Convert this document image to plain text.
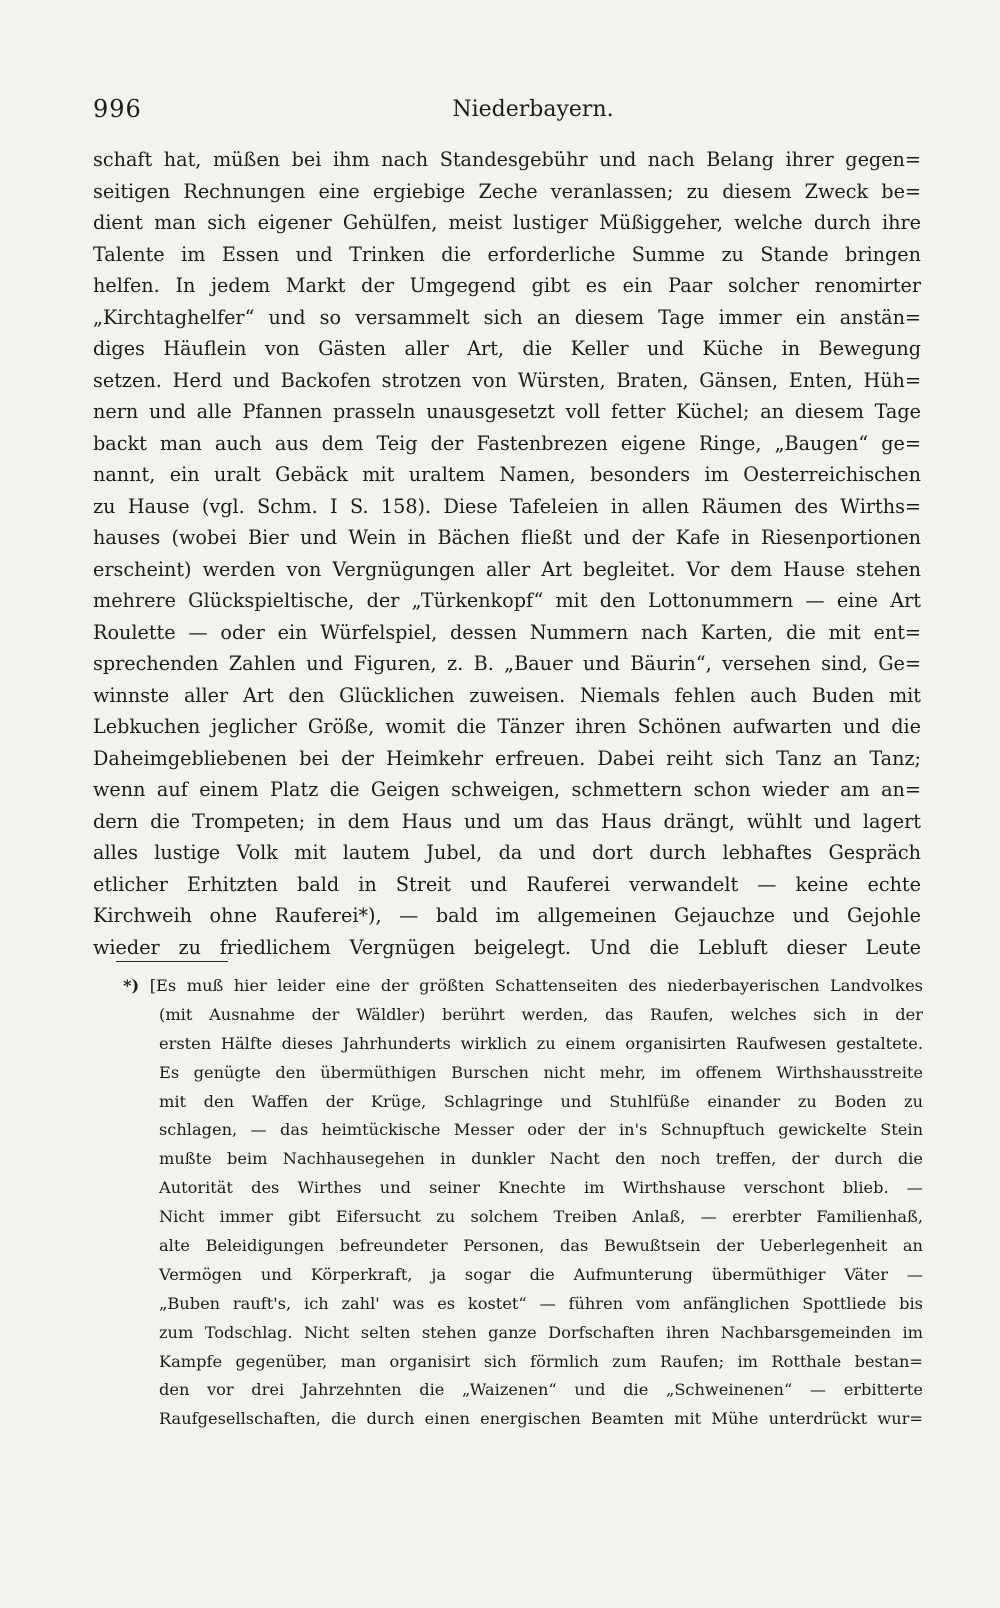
996	Niederbayern.
schaft hat, müßen bei ihm nach Standesgebühr und nach Belang ihrer gegen=
seitigen Rechnungen eine ergiebige Zeche veranlassen; zu diesem Zweck be=
dient man sich eigener Gehülfen, meist lustiger Müßiggeher, welche durch ihre
Talente im Essen und Trinken die erforderliche Summe zu Stande bringen
helfen. In jedem Markt der Umgegend gibt es ein Paar solcher renomirter
„Kirchtaghelfer“ und so versammelt sich an diesem Tage immer ein anstän=
diges Häuflein von Gästen aller Art, die Keller und Küche in Bewegung
setzen. Herd und Backofen strotzen von Würsten, Braten, Gänsen, Enten, Hüh=
nern und alle Pfannen prasseln unausgesetzt voll fetter Küchel; an diesem Tage
backt man auch aus dem Teig der Fastenbrezen eigene Ringe, „Baugen“ ge=
nannt, ein uralt Gebäck mit uraltem Namen, besonders im Oesterreichischen
zu Hause (vgl. Schm. I S. 158). Diese Tafeleien in allen Räumen des Wirths=
hauses (wobei Bier und Wein in Bächen fließt und der Kafe in Riesenportionen
erscheint) werden von Vergnügungen aller Art begleitet. Vor dem Hause stehen
mehrere Glückspieltische, der „Türkenkopf“ mit den Lottonummern — eine Art
Roulette — oder ein Würfelspiel, dessen Nummern nach Karten, die mit ent=
sprechenden Zahlen und Figuren, z. B. „Bauer und Bäurin“, versehen sind, Ge=
winnste aller Art den Glücklichen zuweisen. Niemals fehlen auch Buden mit
Lebkuchen jeglicher Größe, womit die Tänzer ihren Schönen aufwarten und die
Daheimgebliebenen bei der Heimkehr erfreuen. Dabei reiht sich Tanz an Tanz;
wenn auf einem Platz die Geigen schweigen, schmettern schon wieder am an=
dern die Trompeten; in dem Haus und um das Haus drängt, wühlt und lagert
alles lustige Volk mit lautem Jubel, da und dort durch lebhaftes Gespräch
etlicher Erhitzten bald in Streit und Rauferei verwandelt — keine echte
Kirchweih ohne Rauferei*), — bald im allgemeinen Gejauchze und Gejohle
wieder zu friedlichem Vergnügen beigelegt. Und die Lebluft dieser Leute
*) [Es muß hier leider eine der größten Schattenseiten des niederbayerischen Landvolkes
(mit Ausnahme der Wäldler) berührt werden, das Raufen, welches sich in der
ersten Hälfte dieses Jahrhunderts wirklich zu einem organisirten Raufwesen gestaltete.
Es genügte den übermüthigen Burschen nicht mehr, im offenem Wirthshausstreite
mit den Waffen der Krüge, Schlagringe und Stuhlfüße einander zu Boden zu
schlagen, — das heimtückische Messer oder der in's Schnupftuch gewickelte Stein
mußte beim Nachhausegehen in dunkler Nacht den noch treffen, der durch die
Autorität des Wirthes und seiner Knechte im Wirthshause verschont blieb. —
Nicht immer gibt Eifersucht zu solchem Treiben Anlaß, — ererbter Familienhaß,
alte Beleidigungen befreundeter Personen, das Bewußtsein der Ueberlegenheit an
Vermögen und Körperkraft, ja sogar die Aufmunterung übermüthiger Väter —
„Buben rauft's, ich zahl' was es kostet“ — führen vom anfänglichen Spottliede bis
zum Todschlag. Nicht selten stehen ganze Dorfschaften ihren Nachbarsgemeinden im
Kampfe gegenüber, man organisirt sich förmlich zum Raufen; im Rotthale bestan=
den vor drei Jahrzehnten die „Waizenen“ und die „Schweinenen“ — erbitterte
Raufgesellschaften, die durch einen energischen Beamten mit Mühe unterdrückt wur=
